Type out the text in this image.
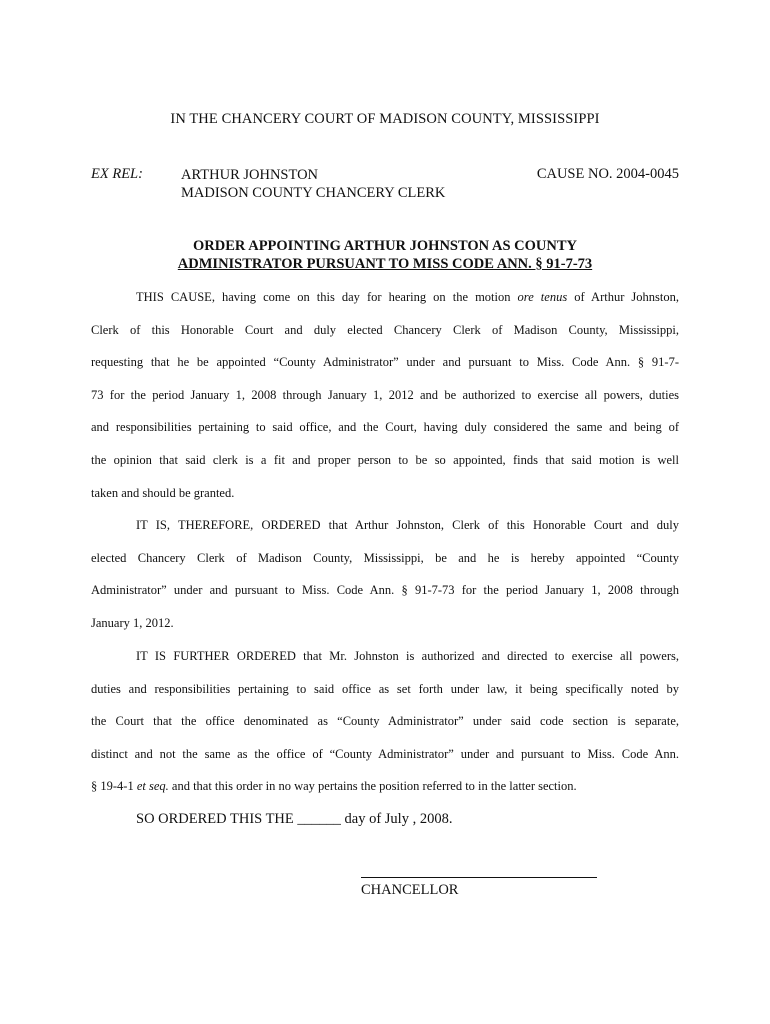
IN THE CHANCERY COURT OF MADISON COUNTY, MISSISSIPPI
EX REL:	ARTHUR JOHNSTON
MADISON COUNTY CHANCERY CLERK
CAUSE NO. 2004-0045
ORDER APPOINTING ARTHUR JOHNSTON AS COUNTY
ADMINISTRATOR PURSUANT TO MISS CODE ANN. § 91-7-73
THIS CAUSE, having come on this day for hearing on the motion ore tenus of Arthur Johnston,
Clerk of this Honorable Court and duly elected Chancery Clerk of Madison County, Mississippi,
requesting that he be appointed “County Administrator” under and pursuant to Miss. Code Ann. § 91-7-
73 for the period January 1, 2008 through January 1, 2012 and be authorized to exercise all powers, duties
and responsibilities pertaining to said office, and the Court, having duly considered the same and being of
the opinion that said clerk is a fit and proper person to be so appointed, finds that said motion is well
taken and should be granted.
IT IS, THEREFORE, ORDERED that Arthur Johnston, Clerk of this Honorable Court and duly
elected Chancery Clerk of Madison County, Mississippi, be and he is hereby appointed “County
Administrator” under and pursuant to Miss. Code Ann. § 91-7-73 for the period January 1, 2008 through
January 1, 2012.
IT IS FURTHER ORDERED that Mr. Johnston is authorized and directed to exercise all powers,
duties and responsibilities pertaining to said office as set forth under law, it being specifically noted by
the Court that the office denominated as “County Administrator” under said code section is separate,
distinct and not the same as the office of “County Administrator” under and pursuant to Miss. Code Ann.
§ 19-4-1 et seq. and that this order in no way pertains the position referred to in the latter section.
SO ORDERED THIS THE ______ day of July , 2008.
CHANCELLOR
